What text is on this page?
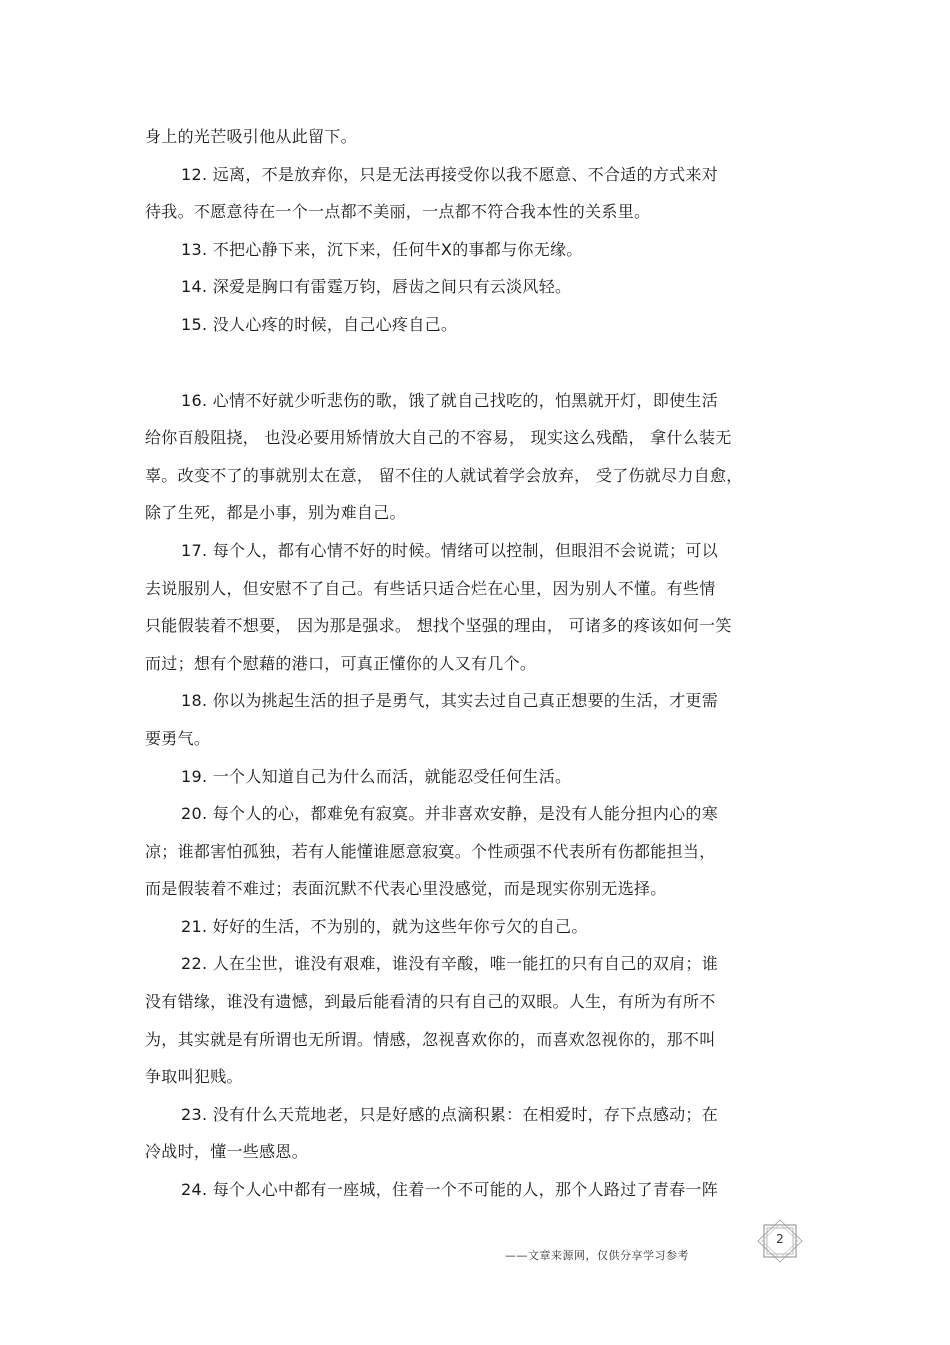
身上的光芒吸引他从此留下。
12. 远离，不是放弃你，只是无法再接受你以我不愿意、不合适的方式来对
待我。不愿意待在一个一点都不美丽，一点都不符合我本性的关系里。
13. 不把心静下来，沉下来，任何牛X的事都与你无缘。
14. 深爱是胸口有雷霆万钧，唇齿之间只有云淡风轻。
15. 没人心疼的时候，自己心疼自己。
16. 心情不好就少听悲伤的歌，饿了就自己找吃的，怕黑就开灯，即使生活
给你百般阻挠， 也没必要用矫情放大自己的不容易， 现实这么残酷， 拿什么装无
辜。改变不了的事就别太在意， 留不住的人就试着学会放弃， 受了伤就尽力自愈，
除了生死，都是小事，别为难自己。
17. 每个人，都有心情不好的时候。情绪可以控制，但眼泪不会说谎；可以
去说服别人，但安慰不了自己。有些话只适合烂在心里，因为别人不懂。有些情
只能假装着不想要， 因为那是强求。 想找个坚强的理由， 可诸多的疼该如何一笑
而过；想有个慰藉的港口，可真正懂你的人又有几个。
18. 你以为挑起生活的担子是勇气，其实去过自己真正想要的生活，才更需
要勇气。
19. 一个人知道自己为什么而活，就能忍受任何生活。
20. 每个人的心，都难免有寂寞。并非喜欢安静，是没有人能分担内心的寒
凉；谁都害怕孤独，若有人能懂谁愿意寂寞。个性顽强不代表所有伤都能担当，
而是假装着不难过；表面沉默不代表心里没感觉，而是现实你别无选择。
21. 好好的生活，不为别的，就为这些年你亏欠的自己。
22. 人在尘世，谁没有艰难，谁没有辛酸，唯一能扛的只有自己的双肩；谁
没有错缘，谁没有遗憾，到最后能看清的只有自己的双眼。人生，有所为有所不
为，其实就是有所谓也无所谓。情感，忽视喜欢你的，而喜欢忽视你的，那不叫
争取叫犯贱。
23. 没有什么天荒地老，只是好感的点滴积累：在相爱时，存下点感动；在
冷战时，懂一些感恩。
24. 每个人心中都有一座城，住着一个不可能的人，那个人路过了青春一阵
——文章来源网，仅供分享学习参考
2
